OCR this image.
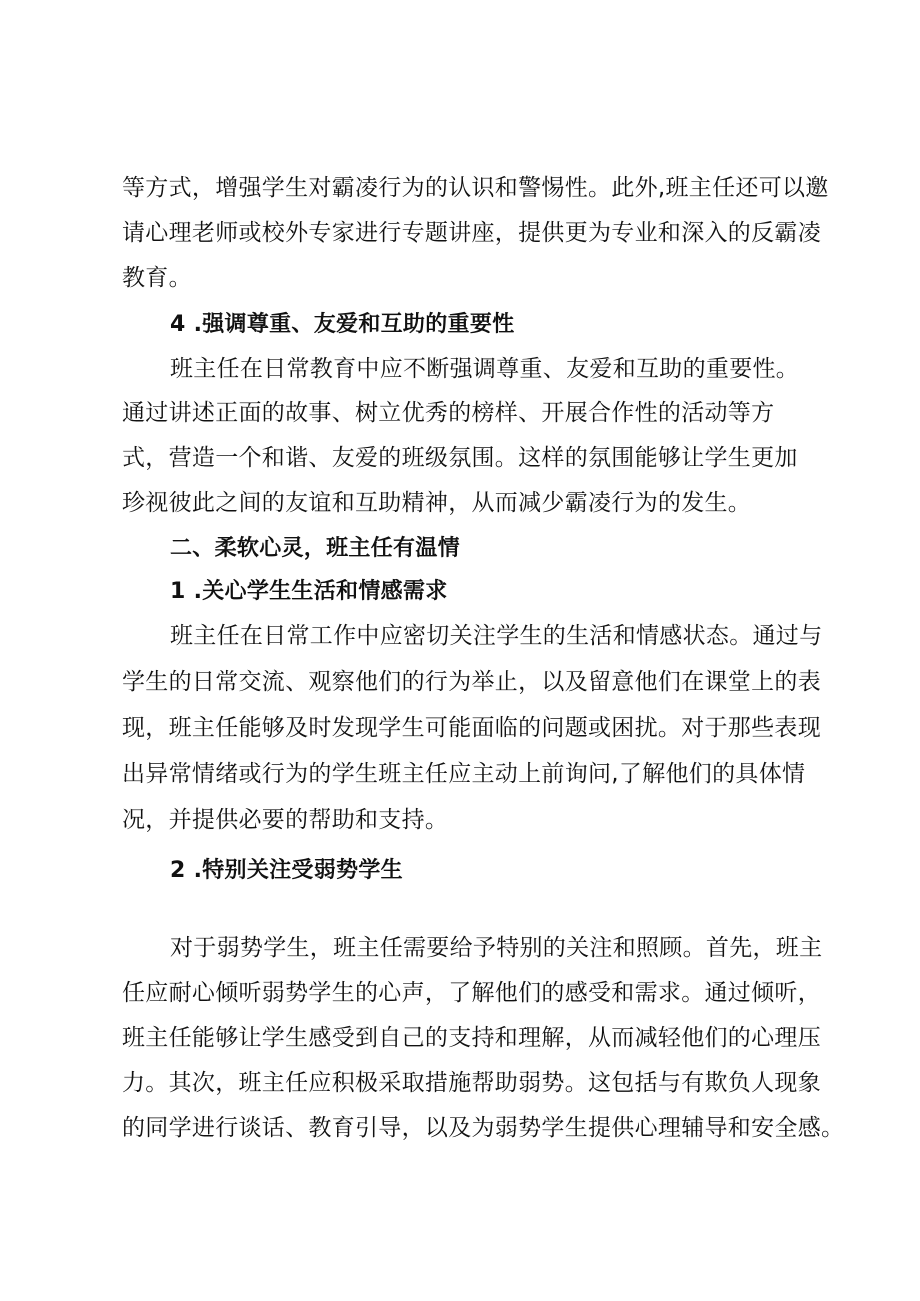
等方式，增强学生对霸凌行为的认识和警惕性。此外,班主任还可以邀
请心理老师或校外专家进行专题讲座，提供更为专业和深入的反霸凌
教育。
4 .强调尊重、友爱和互助的重要性
班主任在日常教育中应不断强调尊重、友爱和互助的重要性。
通过讲述正面的故事、树立优秀的榜样、开展合作性的活动等方
式，营造一个和谐、友爱的班级氛围。这样的氛围能够让学生更加
珍视彼此之间的友谊和互助精神，从而减少霸凌行为的发生。
二、柔软心灵，班主任有温情
1 .关心学生生活和情感需求
班主任在日常工作中应密切关注学生的生活和情感状态。通过与
学生的日常交流、观察他们的行为举止，以及留意他们在课堂上的表
现，班主任能够及时发现学生可能面临的问题或困扰。对于那些表现
出异常情绪或行为的学生班主任应主动上前询问,了解他们的具体情
况，并提供必要的帮助和支持。
2 .特别关注受弱势学生
对于弱势学生，班主任需要给予特别的关注和照顾。首先，班主
任应耐心倾听弱势学生的心声，了解他们的感受和需求。通过倾听，
班主任能够让学生感受到自己的支持和理解，从而减轻他们的心理压
力。其次，班主任应积极采取措施帮助弱势。这包括与有欺负人现象
的同学进行谈话、教育引导，以及为弱势学生提供心理辅导和安全感。
